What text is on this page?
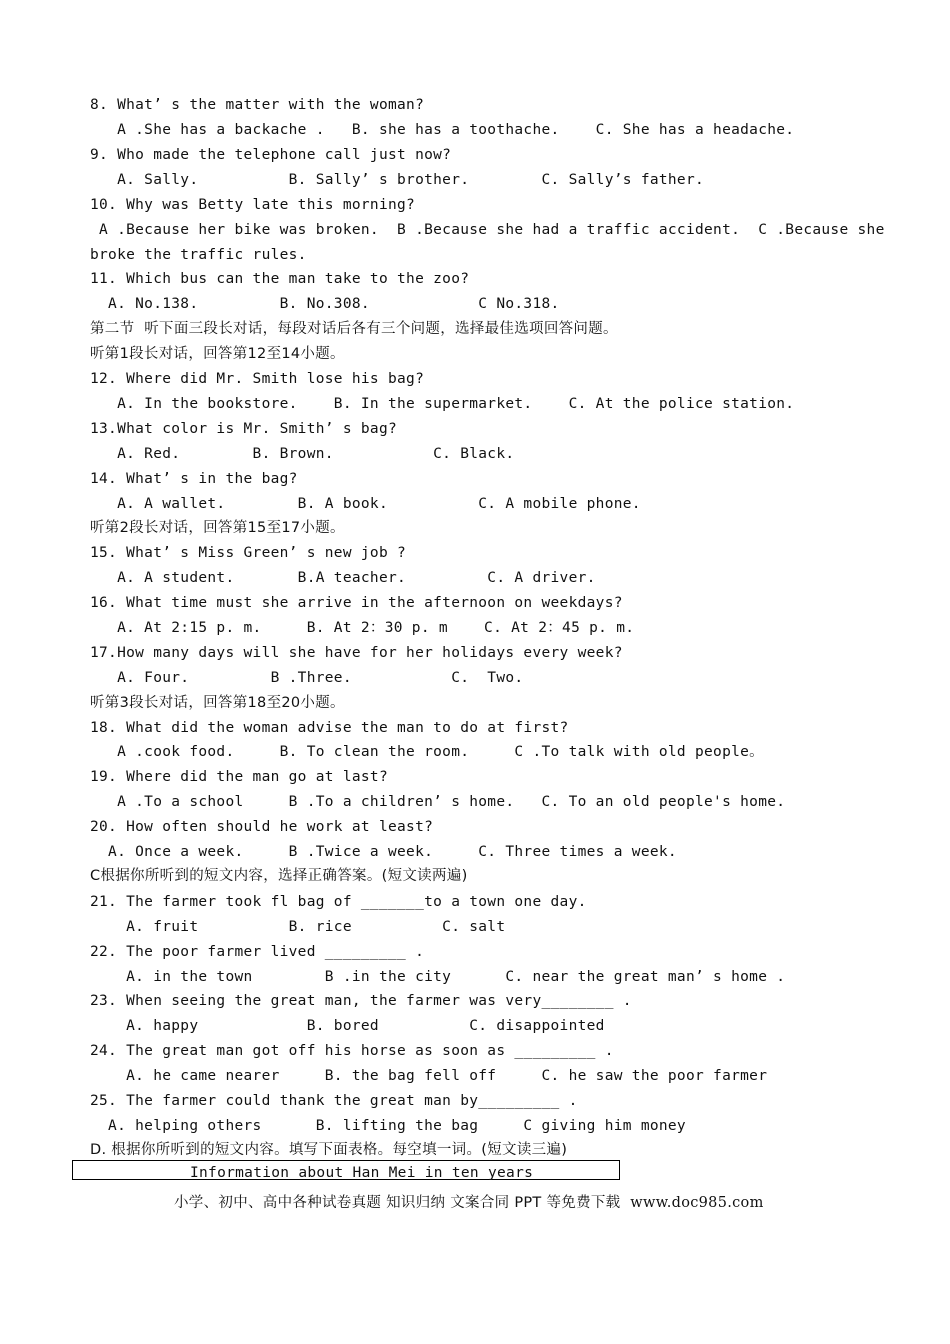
8. What’ s the matter with the woman?
A .She has a backache .   B. she has a toothache.    C. She has a headache.
9. Who made the telephone call just now?
A. Sally.          B. Sally’ s brother.        C. Sally’s father.
10. Why was Betty late this morning?
A .Because her bike was broken.  B .Because she had a traffic accident.  C .Because she
broke the traffic rules.
11. Which bus can the man take to the zoo?
A. No.138.         B. No.308.            C No.318.
第二节  听下面三段长对话，每段对话后各有三个问题，选择最佳选项回答问题。
听第1段长对话，回答第12至14小题。
12. Where did Mr. Smith lose his bag?
A. In the bookstore.    B. In the supermarket.    C. At the police station.
13.What color is Mr. Smith’ s bag?
A. Red.        B. Brown.           C. Black.
14. What’ s in the bag?
A. A wallet.        B. A book.          C. A mobile phone.
听第2段长对话，回答第15至17小题。
15. What’ s Miss Green’ s new job ?
A. A student.       B.A teacher.         C. A driver.
16. What time must she arrive in the afternoon on weekdays?
A. At 2:15 p. m.     B. At 2：30 p. m    C. At 2：45 p. m.
17.How many days will she have for her holidays every week?
A. Four.         B .Three.           C.  Two.
听第3段长对话，回答第18至20小题。
18. What did the woman advise the man to do at first?
A .cook food.     B. To clean the room.     C .To talk with old people。
19. Where did the man go at last?
A .To a school     B .To a children’ s home.   C. To an old people's home.
20. How often should he work at least?
A. Once a week.     B .Twice a week.     C. Three times a week.
C根据你所听到的短文内容，选择正确答案。(短文读两遍)
21. The farmer took fl bag of _______to a town one day.
A. fruit          B. rice          C. salt
22. The poor farmer lived _________ .
A. in the town        B .in the city      C. near the great man’ s home .
23. When seeing the great man, the farmer was very________ .
A. happy            B. bored          C. disappointed
24. The great man got off his horse as soon as _________ .
A. he came nearer     B. the bag fell off     C. he saw the poor farmer
25. The farmer could thank the great man by_________ .
A. helping others      B. lifting the bag     C giving him money
D. 根据你所听到的短文内容。填写下面表格。每空填一词。(短文读三遍)
Information about Han Mei in ten years
小学、初中、高中各种试卷真题 知识归纳 文案合同 PPT 等免费下载  www.doc985.com
